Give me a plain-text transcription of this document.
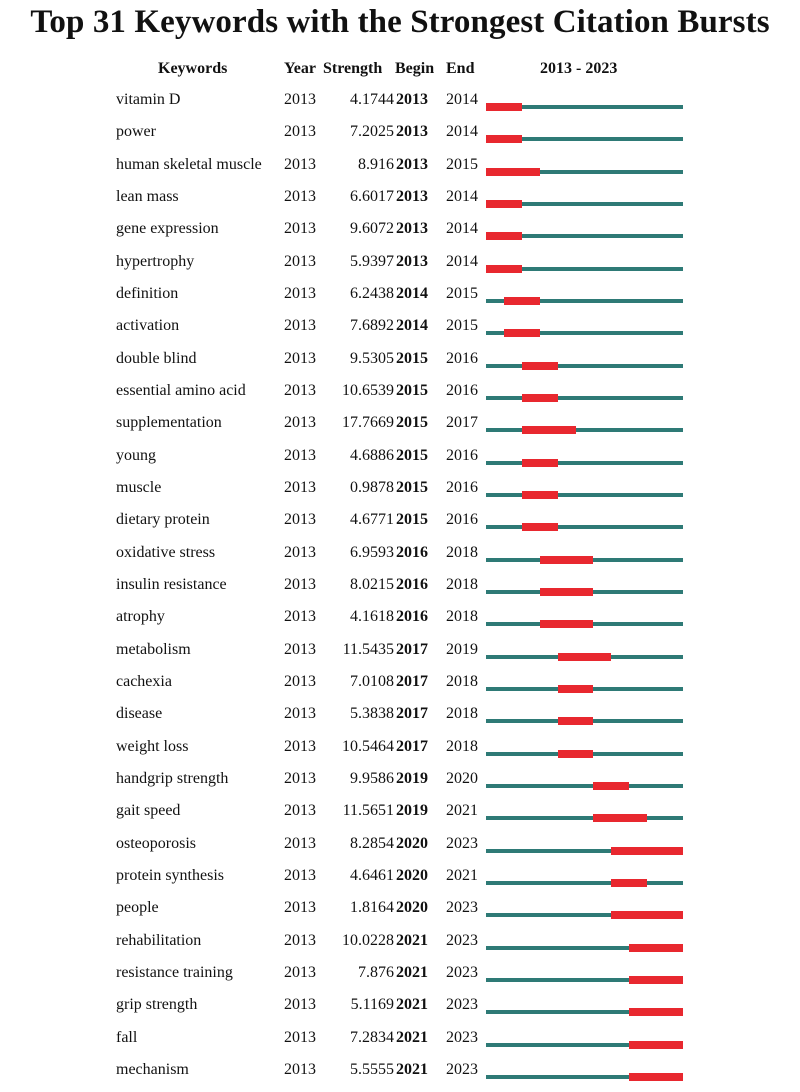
Top 31 Keywords with the Strongest Citation Bursts
Keywords	Year Strength Begin End	2013 - 2023
vitamin D	2013 4.1744 2013 2014
power	2013 7.2025 2013 2014
human skeletal muscle 2013	8.916 2013 2015
lean mass	2013 6.6017 2013 2014
gene expression	2013 9.6072 2013 2014
hypertrophy	2013 5.9397 2013 2014
definition	2013 6.2438 2014 2015
activation	2013 7.6892 2014 2015
double blind	2013 9.5305 2015 2016
essential amino acid 2013 10.6539 2015 2016
supplementation	2013 17.7669 2015 2017
young	2013 4.6886 2015 2016
muscle	2013 0.9878 2015 2016
dietary protein	2013 4.6771 2015 2016
oxidative stress	2013 6.9593 2016 2018
insulin resistance	2013 8.0215 2016 2018
atrophy	2013 4.1618 2016 2018
metabolism	2013 11.5435 2017 2019
cachexia	2013 7.0108 2017 2018
disease	2013 5.3838 2017 2018
weight loss	2013 10.5464 2017 2018
handgrip strength	2013 9.9586 2019 2020
gait speed	2013 11.5651 2019 2021
osteoporosis	2013 8.2854 2020 2023
protein synthesis	2013 4.6461 2020 2021
people	2013 1.8164 2020 2023
rehabilitation	2013 10.0228 2021 2023
resistance training	2013	7.876 2021 2023
grip strength	2013 5.1169 2021 2023
fall	2013 7.2834 2021 2023
mechanism	2013 5.5555 2021 2023
